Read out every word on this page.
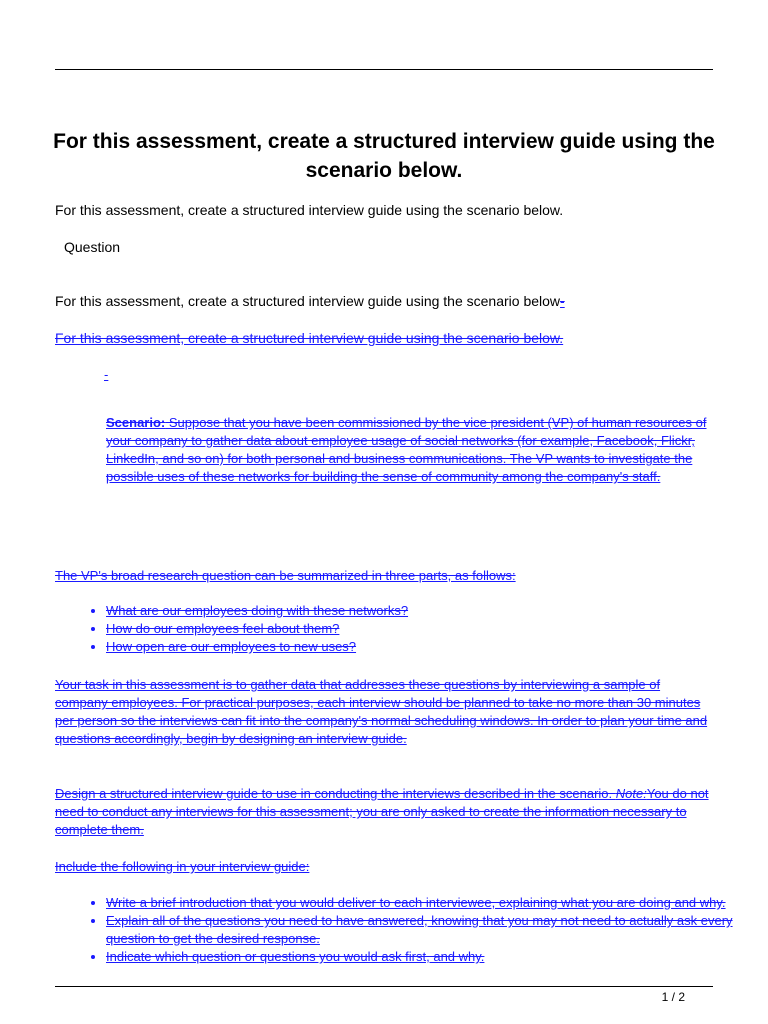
For this assessment, create a structured interview guide using the scenario below.

For this assessment, create a structured interview guide using the scenario below.

Question

For this assessment, create a structured interview guide using the scenario below-

For this assessment, create a structured interview guide using the scenario below.

-

Scenario: Suppose that you have been commissioned by the vice president (VP) of human resources of your company to gather data about employee usage of social networks (for example, Facebook, Flickr, LinkedIn, and so on) for both personal and business communications. The VP wants to investigate the possible uses of these networks for building the sense of community among the company's staff.

The VP's broad research question can be summarized in three parts, as follows:

• What are our employees doing with these networks?
• How do our employees feel about them?
• How open are our employees to new uses?

Your task in this assessment is to gather data that addresses these questions by interviewing a sample of company employees. For practical purposes, each interview should be planned to take no more than 30 minutes per person so the interviews can fit into the company's normal scheduling windows. In order to plan your time and questions accordingly, begin by designing an interview guide.

Design a structured interview guide to use in conducting the interviews described in the scenario. Note:You do not need to conduct any interviews for this assessment; you are only asked to create the information necessary to complete them.

Include the following in your interview guide:

• Write a brief introduction that you would deliver to each interviewee, explaining what you are doing and why.
• Explain all of the questions you need to have answered, knowing that you may not need to actually ask every question to get the desired response.
• Indicate which question or questions you would ask first, and why.
1 / 2
